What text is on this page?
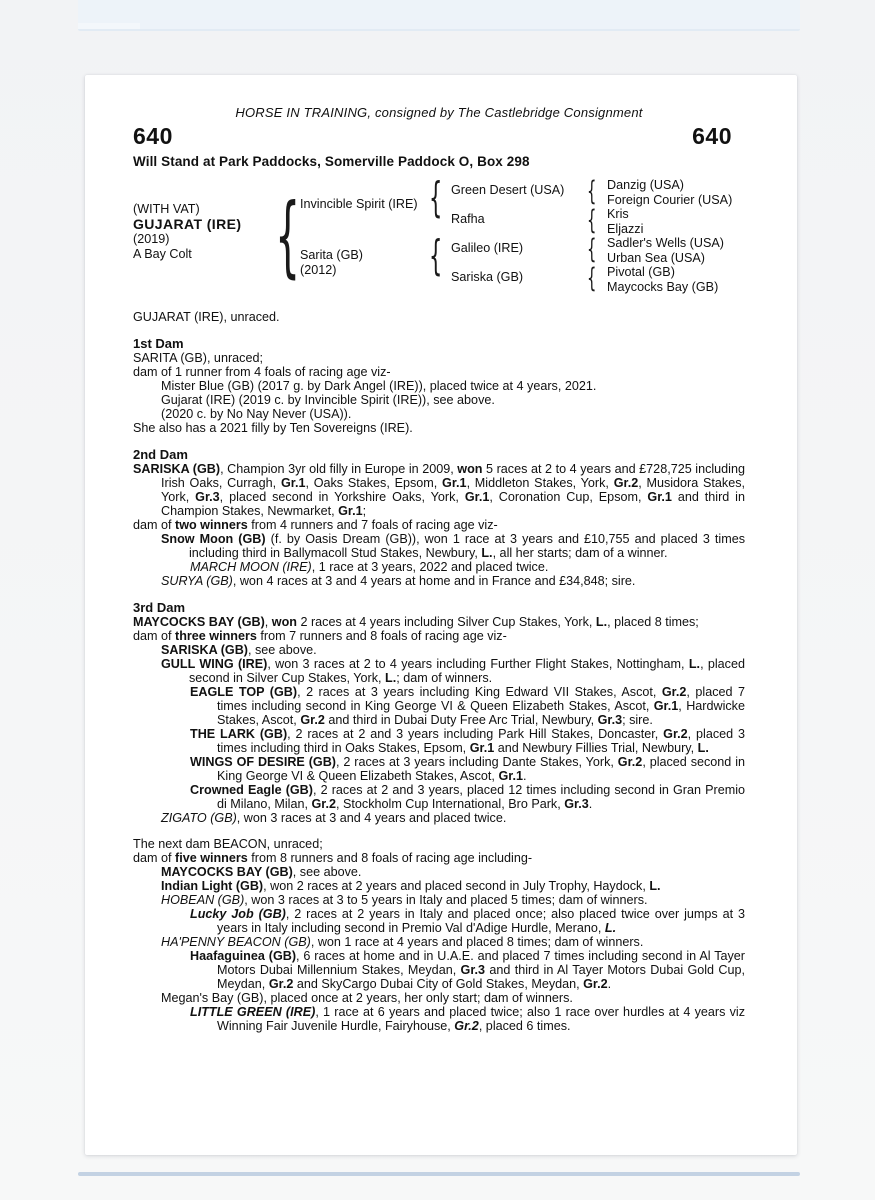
HORSE IN TRAINING, consigned by The Castlebridge Consignment
640	640
Will Stand at Park Paddocks, Somerville Paddock O, Box 298
(WITH VAT)
GUJARAT (IRE)
(2019)
A Bay Colt
{
Invincible Spirit (IRE)
Sarita (GB)
(2012)
{
{
Green Desert (USA)
Rafha
Galileo (IRE)
Sariska (GB)
{
{
{
{
Danzig (USA)
Foreign Courier (USA)
Kris
Eljazzi
Sadler's Wells (USA)
Urban Sea (USA)
Pivotal (GB)
Maycocks Bay (GB)
GUJARAT (IRE), unraced.
1st Dam
SARITA (GB), unraced;
dam of 1 runner from 4 foals of racing age viz-
Mister Blue (GB) (2017 g. by Dark Angel (IRE)), placed twice at 4 years, 2021.
Gujarat (IRE) (2019 c. by Invincible Spirit (IRE)), see above.
(2020 c. by No Nay Never (USA)).
She also has a 2021 filly by Ten Sovereigns (IRE).
2nd Dam
SARISKA (GB), Champion 3yr old filly in Europe in 2009, won 5 races at 2 to 4 years and £728,725 including Irish Oaks, Curragh, Gr.1, Oaks Stakes, Epsom, Gr.1, Middleton Stakes, York, Gr.2, Musidora Stakes, York, Gr.3, placed second in Yorkshire Oaks, York, Gr.1, Coronation Cup, Epsom, Gr.1 and third in Champion Stakes, Newmarket, Gr.1;
dam of two winners from 4 runners and 7 foals of racing age viz-
Snow Moon (GB) (f. by Oasis Dream (GB)), won 1 race at 3 years and £10,755 and placed 3 times including third in Ballymacoll Stud Stakes, Newbury, L., all her starts; dam of a winner.
MARCH MOON (IRE), 1 race at 3 years, 2022 and placed twice.
SURYA (GB), won 4 races at 3 and 4 years at home and in France and £34,848; sire.
3rd Dam
MAYCOCKS BAY (GB), won 2 races at 4 years including Silver Cup Stakes, York, L., placed 8 times;
dam of three winners from 7 runners and 8 foals of racing age viz-
SARISKA (GB), see above.
GULL WING (IRE), won 3 races at 2 to 4 years including Further Flight Stakes, Nottingham, L., placed second in Silver Cup Stakes, York, L.; dam of winners.
EAGLE TOP (GB), 2 races at 3 years including King Edward VII Stakes, Ascot, Gr.2, placed 7 times including second in King George VI & Queen Elizabeth Stakes, Ascot, Gr.1, Hardwicke Stakes, Ascot, Gr.2 and third in Dubai Duty Free Arc Trial, Newbury, Gr.3; sire.
THE LARK (GB), 2 races at 2 and 3 years including Park Hill Stakes, Doncaster, Gr.2, placed 3 times including third in Oaks Stakes, Epsom, Gr.1 and Newbury Fillies Trial, Newbury, L.
WINGS OF DESIRE (GB), 2 races at 3 years including Dante Stakes, York, Gr.2, placed second in King George VI & Queen Elizabeth Stakes, Ascot, Gr.1.
Crowned Eagle (GB), 2 races at 2 and 3 years, placed 12 times including second in Gran Premio di Milano, Milan, Gr.2, Stockholm Cup International, Bro Park, Gr.3.
ZIGATO (GB), won 3 races at 3 and 4 years and placed twice.
The next dam BEACON, unraced;
dam of five winners from 8 runners and 8 foals of racing age including-
MAYCOCKS BAY (GB), see above.
Indian Light (GB), won 2 races at 2 years and placed second in July Trophy, Haydock, L.
HOBEAN (GB), won 3 races at 3 to 5 years in Italy and placed 5 times; dam of winners.
Lucky Job (GB), 2 races at 2 years in Italy and placed once; also placed twice over jumps at 3 years in Italy including second in Premio Val d'Adige Hurdle, Merano, L.
HA'PENNY BEACON (GB), won 1 race at 4 years and placed 8 times; dam of winners.
Haafaguinea (GB), 6 races at home and in U.A.E. and placed 7 times including second in Al Tayer Motors Dubai Millennium Stakes, Meydan, Gr.3 and third in Al Tayer Motors Dubai Gold Cup, Meydan, Gr.2 and SkyCargo Dubai City of Gold Stakes, Meydan, Gr.2.
Megan's Bay (GB), placed once at 2 years, her only start; dam of winners.
LITTLE GREEN (IRE), 1 race at 6 years and placed twice; also 1 race over hurdles at 4 years viz Winning Fair Juvenile Hurdle, Fairyhouse, Gr.2, placed 6 times.
